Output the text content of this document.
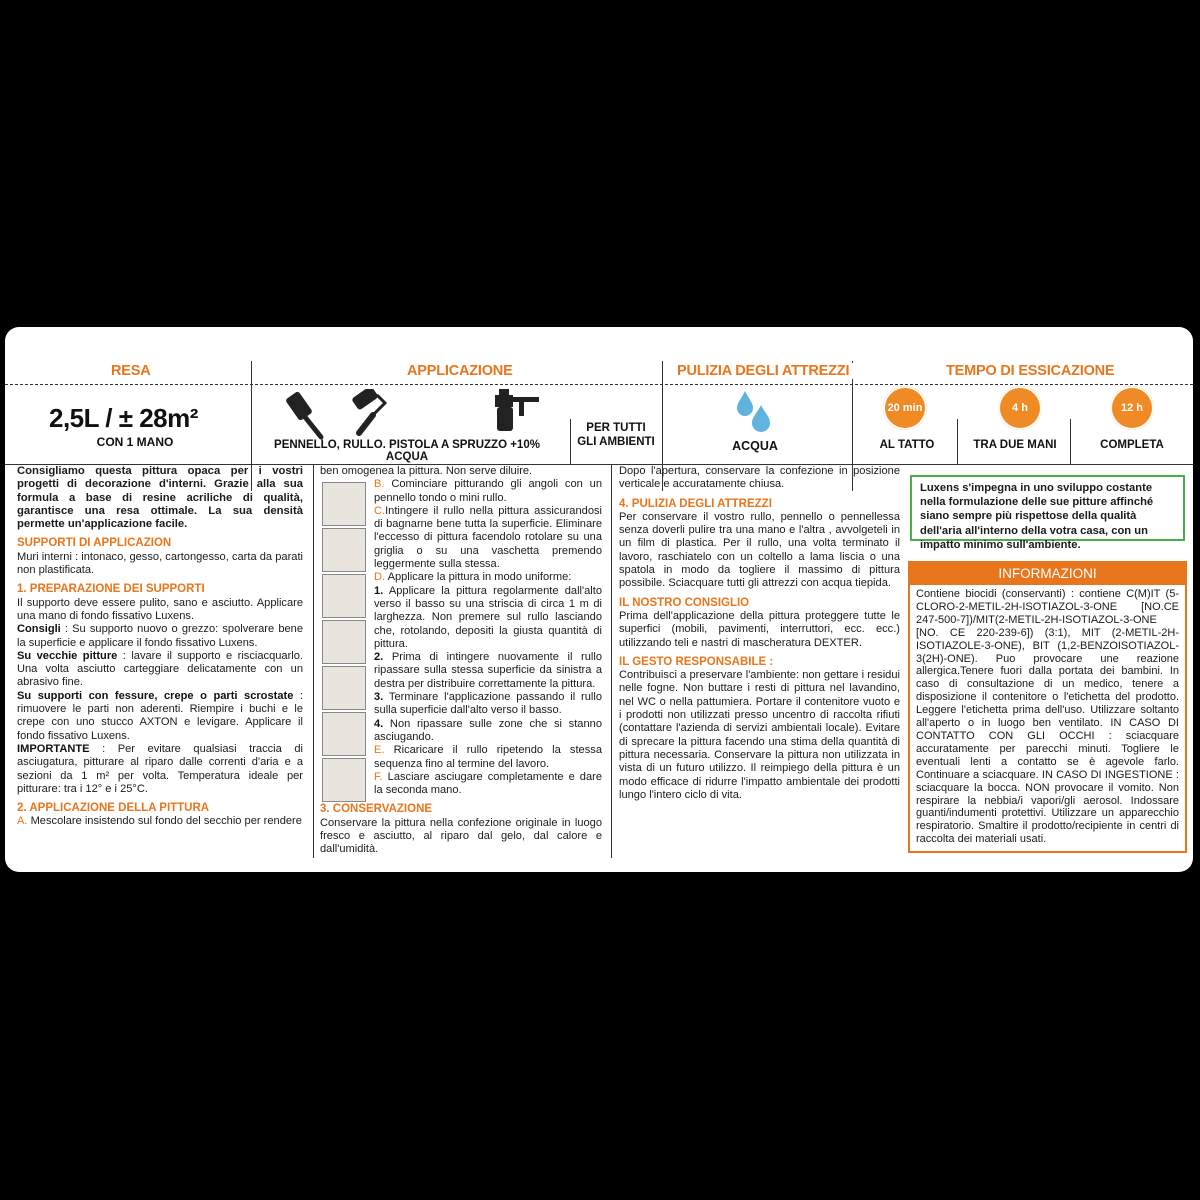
RESA	APPLICAZIONE	PULIZIA DEGLI ATTREZZI	TEMPO DI ESSICAZIONE
2,5L / ± 28m²
CON 1 MANO	PENNELLO, RULLO. PISTOLA A SPRUZZO +10% ACQUA
PER TUTTI
GLI AMBIENTI	ACQUA
20 min	4 h	12 h
AL TATTO	TRA DUE MANI	COMPLETA

Consigliamo questa pittura opaca per i vostri progetti di decorazione d'interni. Grazie alla sua formula a base di resine acriliche di qualità, garantisce una resa ottimale. La sua densità permette un'applicazione facile.

SUPPORTI DI APPLICAZION

Muri interni : intonaco, gesso, cartongesso, carta da parati non plastificata.

1. PREPARAZIONE DEI SUPPORTI

Il supporto deve essere pulito, sano e asciutto. Applicare una mano di fondo fissativo Luxens.

Consigli : Su supporto nuovo o grezzo: spolverare bene la superficie e applicare il fondo fissativo Luxens.

Su vecchie pitture : lavare il supporto e risciacquarlo. Una volta asciutto carteggiare delicatamente con un abrasivo fine.

Su supporti con fessure, crepe o parti scrostate : rimuovere le parti non aderenti. Riempire i buchi e le crepe con uno stucco AXTON e levigare. Applicare il fondo fissativo Luxens.

IMPORTANTE : Per evitare qualsiasi traccia di asciugatura, pitturare al riparo dalle correnti d'aria e a sezioni da 1 m² per volta. Temperatura ideale per pitturare: tra i 12° e i 25°C.

2. APPLICAZIONE DELLA PITTURA

A. Mescolare insistendo sul fondo del secchio per rendere

ben omogenea la pittura. Non serve diluire.

B. Cominciare pitturando gli angoli con un pennello tondo o mini rullo.

C.Intingere il rullo nella pittura assicurandosi di bagnarne bene tutta la superficie. Eliminare l'eccesso di pittura facendolo rotolare su una griglia o su una vaschetta premendo leggermente sulla stessa.

D. Applicare la pittura in modo uniforme:

1. Applicare la pittura regolarmente dall'alto verso il basso su una striscia di circa 1 m di larghezza. Non premere sul rullo lasciando che, rotolando, depositi la giusta quantità di pittura.

2. Prima di intingere nuovamente il rullo ripassare sulla stessa superficie da sinistra a destra per distribuire correttamente la pittura.

3. Terminare l'applicazione passando il rullo sulla superficie dall'alto verso il basso.

4. Non ripassare sulle zone che si stanno asciugando.

E. Ricaricare il rullo ripetendo la stessa sequenza fino al termine del lavoro.

F. Lasciare asciugare completamente e dare la seconda mano.

3. CONSERVAZIONE

Conservare la pittura nella confezione originale in luogo fresco e asciutto, al riparo dal gelo, dal calore e dall'umidità.

Dopo l'apertura, conservare la confezione in posizione verticale e accuratamente chiusa.

4. PULIZIA DEGLI ATTREZZI

Per conservare il vostro rullo, pennello o pennellessa senza doverli pulire tra una mano e l'altra , avvolgeteli in un film di plastica. Per il rullo, una volta terminato il lavoro, raschiatelo con un coltello a lama liscia o una spatola in modo da togliere il massimo di pittura possibile. Sciacquare tutti gli attrezzi con acqua tiepida.

IL NOSTRO CONSIGLIO

Prima dell'applicazione della pittura proteggere tutte le superfici (mobili, pavimenti, interruttori, ecc. ecc.) utilizzando teli e nastri di mascheratura DEXTER.

IL GESTO RESPONSABILE :

Contribuisci a preservare l'ambiente: non gettare i residui nelle fogne. Non buttare i resti di pittura nel lavandino, nel WC o nella pattumiera. Portare il contenitore vuoto e i prodotti non utilizzati presso uncentro di raccolta rifiuti (contattare l'azienda di servizi ambientali locale). Evitare di sprecare la pittura facendo una stima della quantità di pittura necessaria. Conservare la pittura non utilizzata in vista di un futuro utilizzo. Il reimpiego della pittura è un modo efficace di ridurre l'impatto ambientale dei prodotti lungo l'intero ciclo di vita.

Luxens s'impegna in uno sviluppo costante nella formulazione delle sue pitture affinché siano sempre più rispettose della qualità dell'aria all'interno della votra casa, con un impatto minimo sull'ambiente.
INFORMAZIONI
Contiene biocidi (conservanti) : contiene C(M)IT (5-CLORO-2-METIL-2H-ISOTIAZOL-3-ONE [NO.CE 247-500-7])/MIT(2-METIL-2H-ISOTIAZOL-3-ONE [NO. CE 220-239-6]) (3:1), MIT (2-METIL-2H-ISOTIAZOLE-3-ONE), BIT (1,2-BENZOISOTIAZOL-3(2H)-ONE). Puo provocare une reazione allergica.Tenere fuori dalla portata dei bambini. In caso di consultazione di un medico, tenere a disposizione il contenitore o l'etichetta del prodotto. Leggere l'etichetta prima dell'uso. Utilizzare soltanto all'aperto o in luogo ben ventilato. IN CASO DI CONTATTO CON GLI OCCHI : sciacquare accuratamente per parecchi minuti. Togliere le eventuali lenti a contatto se è agevole farlo. Continuare a sciacquare. IN CASO DI INGESTIONE : sciacquare la bocca. NON provocare il vomito. Non respirare la nebbia/i vapori/gli aerosol. Indossare guanti/indumenti protettivi. Utilizzare un apparecchio respiratorio. Smaltire il prodotto/recipiente in centri di raccolta dei materiali usati.
